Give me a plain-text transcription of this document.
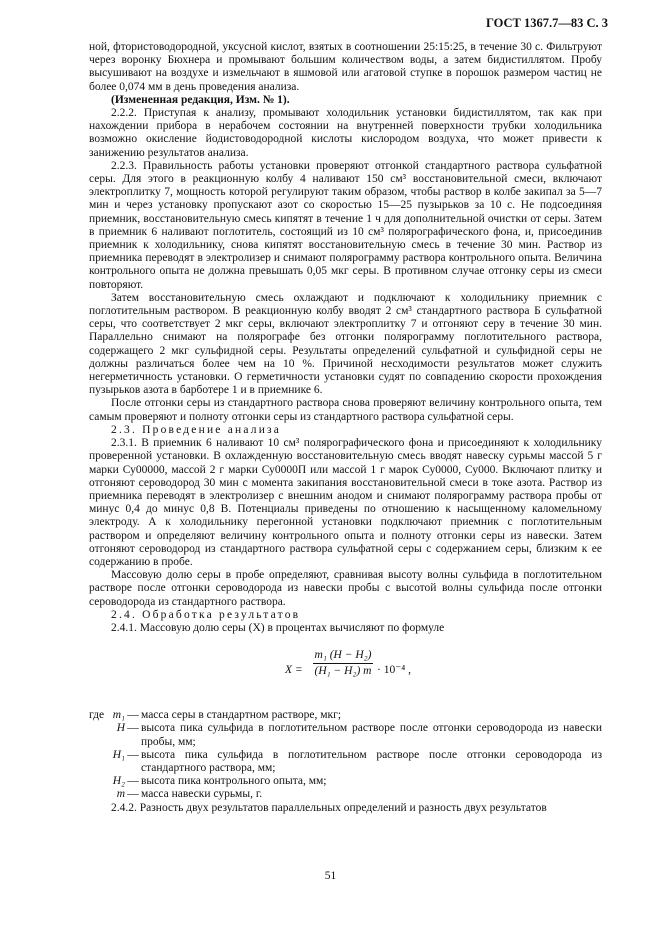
ГОСТ 1367.7—83 С. 3

ной, фтористоводородной, уксусной кислот, взятых в соотношении 25:15:25, в течение 30 с. Фильтруют через воронку Бюхнера и промывают большим количеством воды, а затем бидистиллятом. Пробу высушивают на воздухе и измельчают в яшмовой или агатовой ступке в порошок размером частиц не более 0,074 мм в день проведения анализа.

(Измененная редакция, Изм. № 1).

2.2.2. Приступая к анализу, промывают холодильник установки бидистиллятом, так как при нахождении прибора в нерабочем состоянии на внутренней поверхности трубки холодильника возможно окисление йодистоводородной кислоты кислородом воздуха, что может привести к занижению результатов анализа.

2.2.3. Правильность работы установки проверяют отгонкой стандартного раствора сульфатной серы. Для этого в реакционную колбу 4 наливают 150 см³ восстановительной смеси, включают электроплитку 7, мощность которой регулируют таким образом, чтобы раствор в колбе закипал за 5—7 мин и через установку пропускают азот со скоростью 15—25 пузырьков за 10 с. Не подсоединяя приемник, восстановительную смесь кипятят в течение 1 ч для дополнительной очистки от серы. Затем в приемник 6 наливают поглотитель, состоящий из 10 см³ полярографического фона, и, присоединив приемник к холодильнику, снова кипятят восстановительную смесь в течение 30 мин. Раствор из приемника переводят в электролизер и снимают полярограмму раствора контрольного опыта. Величина контрольного опыта не должна превышать 0,05 мкг серы. В противном случае отгонку серы из смеси повторяют.

Затем восстановительную смесь охлаждают и подключают к холодильнику приемник с поглотительным раствором. В реакционную колбу вводят 2 см³ стандартного раствора Б сульфатной серы, что соответствует 2 мкг серы, включают электроплитку 7 и отгоняют серу в течение 30 мин. Параллельно снимают на полярографе без отгонки полярограмму поглотительного раствора, содержащего 2 мкг сульфидной серы. Результаты определений сульфатной и сульфидной серы не должны различаться более чем на 10 %. Причиной несходимости результатов может служить негерметичность установки. О герметичности установки судят по совпадению скорости прохождения пузырьков азота в барботере 1 и в приемнике 6.

После отгонки серы из стандартного раствора снова проверяют величину контрольного опыта, тем самым проверяют и полноту отгонки серы из стандартного раствора сульфатной серы.

2.3. Проведение анализа

2.3.1. В приемник 6 наливают 10 см³ полярографического фона и присоединяют к холодильнику проверенной установки. В охлажденную восстановительную смесь вводят навеску сурьмы массой 5 г марки Су00000, массой 2 г марки Су0000П или массой 1 г марок Су0000, Су000. Включают плитку и отгоняют сероводород 30 мин с момента закипания восстановительной смеси в токе азота. Раствор из приемника переводят в электролизер с внешним анодом и снимают полярограмму раствора пробы от минус 0,4 до минус 0,8 В. Потенциалы приведены по отношению к насыщенному каломельному электроду. А к холодильнику перегонной установки подключают приемник с поглотительным раствором и определяют величину контрольного опыта и полноту отгонки серы из навески. Затем отгоняют сероводород из стандартного раствора сульфатной серы с содержанием серы, близким к ее содержанию в пробе.

Массовую долю серы в пробе определяют, сравнивая высоту волны сульфида в поглотительном растворе после отгонки сероводорода из навески пробы с высотой волны сульфида после отгонки сероводорода из стандартного раствора.

2.4. Обработка результатов

2.4.1. Массовую долю серы (X) в процентах вычисляют по формуле

$X = \frac{\text{m₁ (H − H₂)}}{\text{(H₁ − H₂) m}} \cdot 10^{-4}$ ,
где m₁ — масса серы в стандартном растворе, мкг;
H — высота пика сульфида в поглотительном растворе после отгонки сероводорода из навески пробы, мм;
H₁ — высота пика сульфида в поглотительном растворе после отгонки сероводорода из стандартного раствора, мм;
H₂ — высота пика контрольного опыта, мм;
m — масса навески сурьмы, г.

2.4.2. Разность двух результатов параллельных определений и разность двух результатов

51
